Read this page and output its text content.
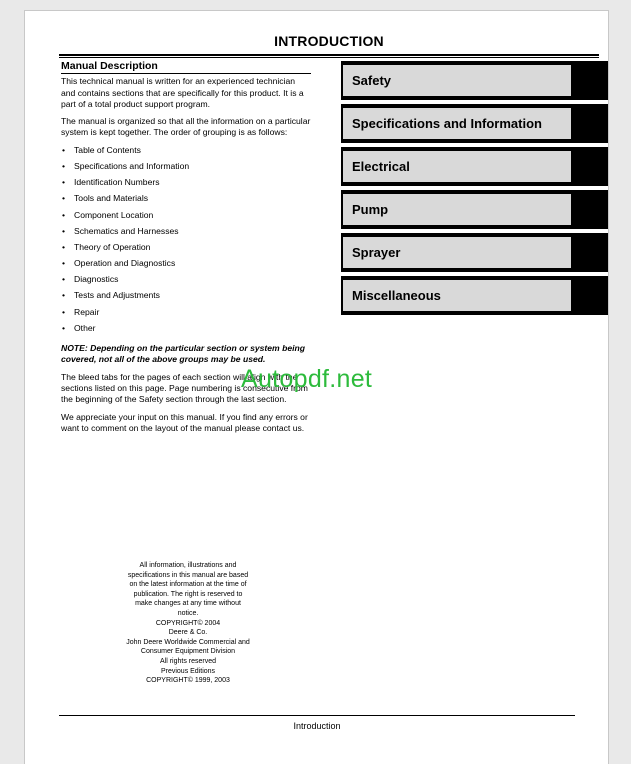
INTRODUCTION
Manual Description

This technical manual is written for an experienced technician and contains sections that are specifically for this product. It is a part of a total product support program.

The manual is organized so that all the information on a particular system is kept together. The order of grouping is as follows:

• Table of Contents
• Specifications and Information
• Identification Numbers
• Tools and Materials
• Component Location
• Schematics and Harnesses
• Theory of Operation
• Operation and Diagnostics
• Diagnostics
• Tests and Adjustments
• Repair
• Other

NOTE: Depending on the particular section or system being covered, not all of the above groups may be used.

The bleed tabs for the pages of each section will align with the sections listed on this page. Page numbering is consecutive from the beginning of the Safety section through the last section.

We appreciate your input on this manual. If you find any errors or want to comment on the layout of the manual please contact us.

Safety
Specifications and Information
Electrical
Pump
Sprayer
Miscellaneous
Autopdf.net
All information, illustrations and
specifications in this manual are based
on the latest information at the time of
publication. The right is reserved to
make changes at any time without
notice.
COPYRIGHT© 2004
Deere & Co.
John Deere Worldwide Commercial and
Consumer Equipment Division
All rights reserved
Previous Editions
COPYRIGHT© 1999, 2003
Introduction
